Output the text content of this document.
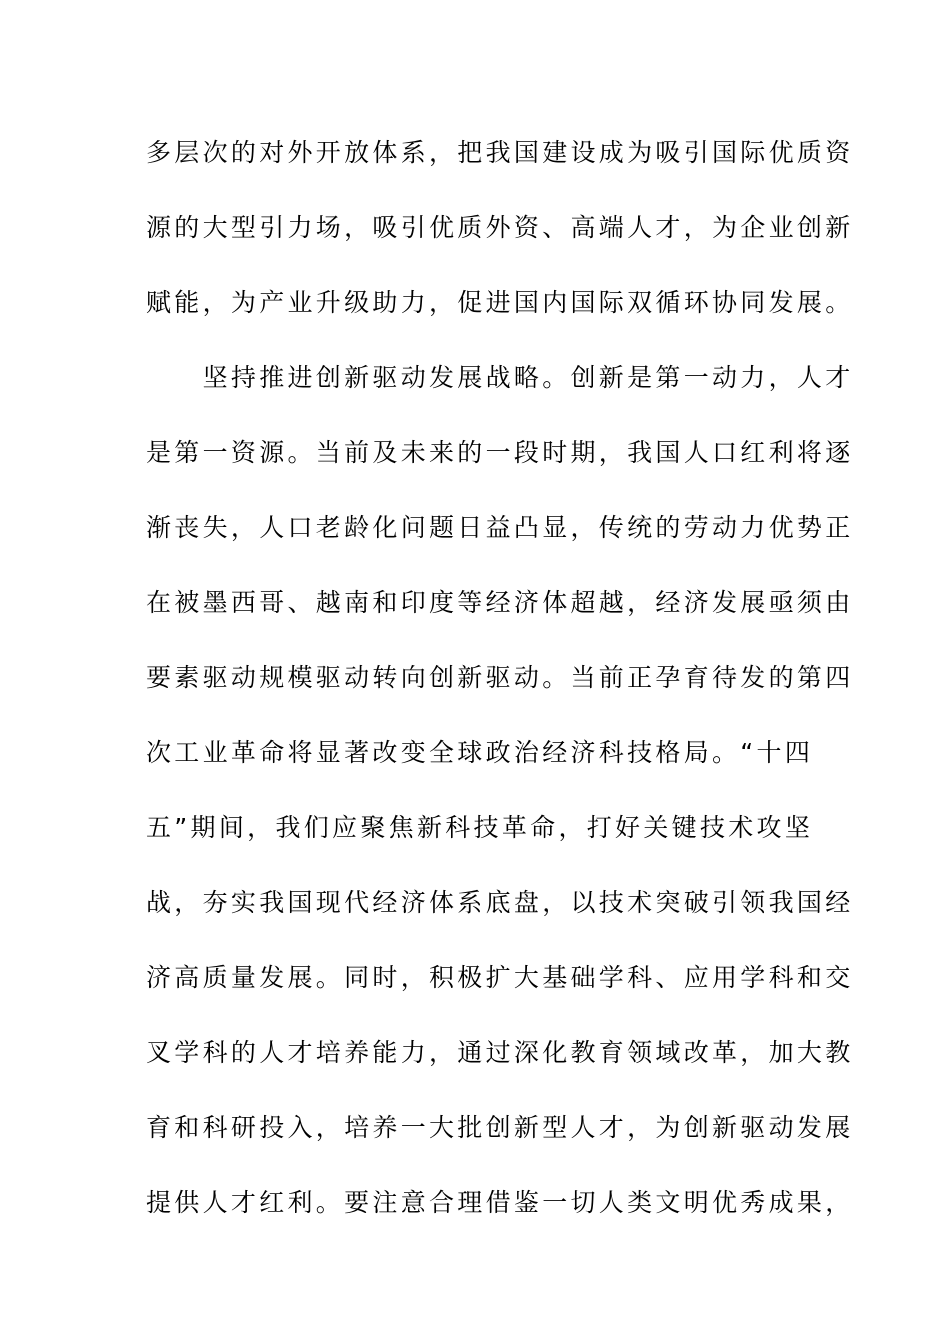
多层次的对外开放体系，把我国建设成为吸引国际优质资
源的大型引力场，吸引优质外资、高端人才，为企业创新
赋能，为产业升级助力，促进国内国际双循环协同发展。
　　坚持推进创新驱动发展战略。创新是第一动力，人才
是第一资源。当前及未来的一段时期，我国人口红利将逐
渐丧失，人口老龄化问题日益凸显，传统的劳动力优势正
在被墨西哥、越南和印度等经济体超越，经济发展亟须由
要素驱动规模驱动转向创新驱动。当前正孕育待发的第四
次工业革命将显著改变全球政治经济科技格局。“十四
五”期间，我们应聚焦新科技革命，打好关键技术攻坚
战，夯实我国现代经济体系底盘，以技术突破引领我国经
济高质量发展。同时，积极扩大基础学科、应用学科和交
叉学科的人才培养能力，通过深化教育领域改革，加大教
育和科研投入，培养一大批创新型人才，为创新驱动发展
提供人才红利。要注意合理借鉴一切人类文明优秀成果，
